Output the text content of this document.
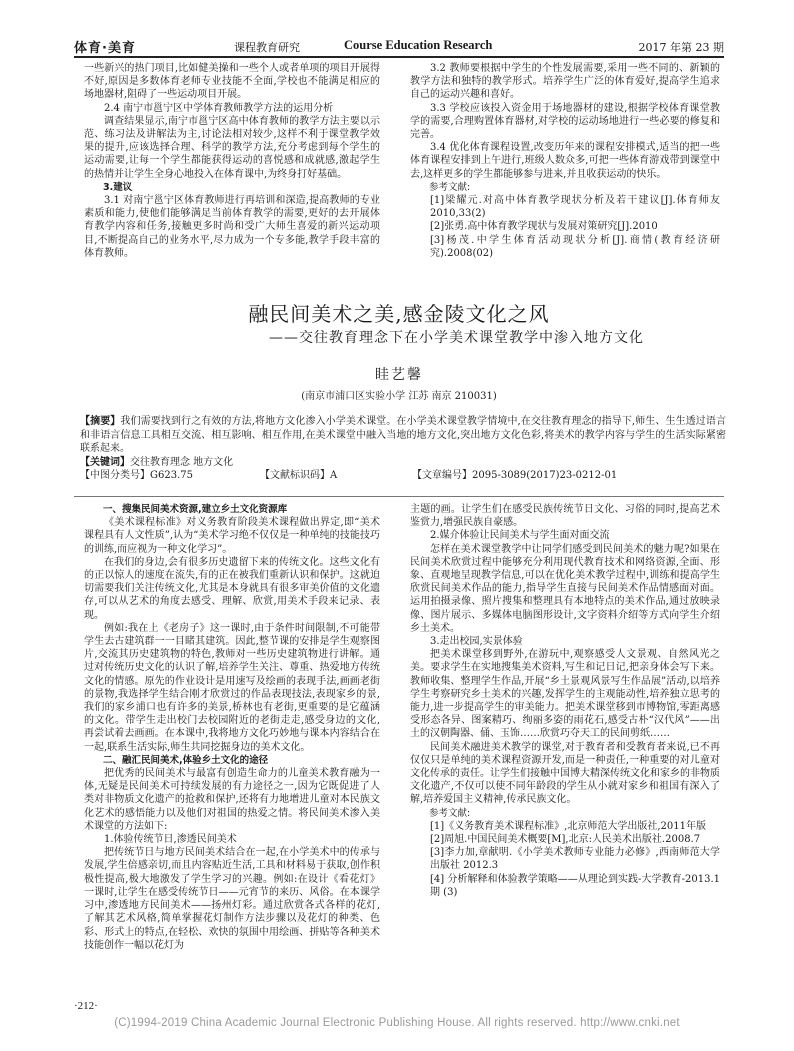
体育·美育	课程教育研究	Course Education Research	2017 年第 23 期

一些新兴的热门项目,比如健美操和一些个人或者单项的项目开展得不好,原因是多数体育老师专业技能不全面,学校也不能满足相应的场地器材,阻碍了一些运动项目开展。

2.4 南宁市邕宁区中学体育教师教学方法的运用分析

调查结果显示,南宁市邕宁区高中体育教师的教学方法主要以示范、练习法及讲解法为主,讨论法相对较少,这样不利于课堂教学效果的提升,应该选择合理、科学的教学方法,充分考虑到每个学生的运动需要,让每一个学生都能获得运动的喜悦感和成就感,激起学生的热情并让学生全身心地投入在体育课中,为终身打好基础。

3.建议

3.1 对南宁邕宁区体育教师进行再培训和深造,提高教师的专业素质和能力,使他们能够满足当前体育教学的需要,更好的去开展体育教学内容和任务,接触更多时尚和受广大师生喜爱的新兴运动项目,不断提高自己的业务水平,尽力成为一个专多能,教学手段丰富的体育教师。

3.2 教师要根据中学生的个性发展需要,采用一些不同的、新颖的教学方法和独特的教学形式。培养学生广泛的体育爱好,提高学生追求自己的运动兴趣和喜好。

3.3 学校应该投入资金用于场地器材的建设,根据学校体育课堂教学的需要,合理购置体育器材,对学校的运动场地进行一些必要的修复和完善。

3.4 优化体育课程设置,改变历年来的课程安排模式,适当的把一些体育课程安排到上午进行,班级人数众多,可把一些体育游戏带到课堂中去,这样更多的学生都能够参与进来,并且收获运动的快乐。

参考文献:

[1]梁耀元.对高中体育教学现状分析及若干建议[J].体育师友 2010,33(2)

[2]张勇.高中体育教学现状与发展对策研究[J].2010

[3]杨茂.中学生体育活动现状分析[J].商情(教育经济研究).2008(02)

融民间美术之美,感金陵文化之风
——交往教育理念下在小学美术课堂教学中渗入地方文化
眭艺馨
(南京市浦口区实验小学 江苏 南京 210031)

【摘要】我们需要找到行之有效的方法,将地方文化渗入小学美术课堂。在小学美术课堂教学情境中,在交往教育理念的指导下,师生、生生透过语言和非语言信息工具相互交流、相互影响、相互作用,在美术课堂中融入当地的地方文化,突出地方文化色彩,将美术的教学内容与学生的生活实际紧密联系起来。

【关键词】交往教育理念 地方文化

【中图分类号】G623.75	【文献标识码】A	【文章编号】2095-3089(2017)23-0212-01

一、搜集民间美术资源,建立乡土文化资源库

《美术课程标准》对义务教育阶段美术课程做出界定,即“美术课程具有人文性质”,认为“美术学习绝不仅仅是一种单纯的技能技巧的训练,而应视为一种文化学习”。

在我们的身边,会有很多历史遗留下来的传统文化。这些文化有的正以惊人的速度在流失,有的正在被我们重新认识和保护。这就迫切需要我们关注传统文化,尤其是本身就具有很多审美价值的文化遗存,可以从艺术的角度去感受、理解、欣赏,用美术手段来记录、表现。

例如:我在上《老房子》这一课时,由于条件时间限制,不可能带学生去古建筑群一一目睹其建筑。因此,整节课的安排是学生观察图片,交流其历史建筑物的特色,教师对一些历史建筑物进行讲解。通过对传统历史文化的认识了解,培养学生关注、尊重、热爱地方传统文化的情感。原先的作业设计是用速写及绘画的表现手法,画画老街的景物,我选择学生结合刚才欣赏过的作品表现技法,表现家乡的景,我们的家乡浦口也有许多的美景,桥林也有老街,更重要的是它蕴涵的文化。带学生走出校门去校园附近的老街走走,感受身边的文化,再尝试着去画画。在本课中,我将地方文化巧妙地与课本内容结合在一起,联系生活实际,师生共同挖掘身边的美术文化。

二、融汇民间美术,体验乡土文化的途径

把优秀的民间美术与最富有创造生命力的儿童美术教育融为一体,无疑是民间美术可持续发展的有力途径之一,因为它既促进了人类对非物质文化遗产的抢救和保护,还将有力地增进儿童对本民族文化艺术的感悟能力以及他们对祖国的热爱之情。将民间美术渗入美术课堂的方法如下:

1.体验传统节日,渗透民间美术

把传统节日与地方民间美术结合在一起,在小学美术中的传承与发展,学生倍感亲切,而且内容贴近生活,工具和材料易于获取,创作积极性提高,极大地激发了学生学习的兴趣。例如:在设计《看花灯》一课时,让学生在感受传统节日——元宵节的来历、风俗。在本课学习中,渗透地方民间美术——扬州灯彩。通过欣赏各式各样的花灯,了解其艺术风格,简单掌握花灯制作方法步骤以及花灯的种类、色彩、形式上的特点,在轻松、欢快的氛围中用绘画、拼贴等各种美术技能创作一幅以花灯为

主题的画。让学生们在感受民族传统节日文化、习俗的同时,提高艺术鉴赏力,增强民族自豪感。

2.媒介体验让民间美术与学生面对面交流

怎样在美术课堂教学中让同学们感受到民间美术的魅力呢?如果在民间美术欣赏过程中能够充分利用现代教育技术和网络资源,全面、形象、直观地呈现教学信息,可以在优化美术教学过程中,训练和提高学生欣赏民间美术作品的能力,指导学生直接与民间美术作品情感面对面。运用拍摄录像、照片搜集和整理具有本地特点的美术作品,通过放映录像、图片展示、多媒体电脑图形设计,文字资料介绍等方式向学生介绍乡土美术。

3.走出校园,实景体验

把美术课堂移到野外,在游玩中,观察感受人文景观、自然风光之美。要求学生在实地搜集美术资料,写生和记日记,把亲身体会写下来。教师收集、整理学生作品,开展“乡土景观风景写生作品展”活动,以培养学生考察研究乡土美术的兴趣,发挥学生的主观能动性,培养独立思考的能力,进一步提高学生的审美能力。把美术课堂移到市博物馆,零距离感受形态各异、图案精巧、绚丽多姿的雨花石,感受古朴“汉代风”——出土的汉朝陶器、俑、玉饰……欣赏巧夺天工的民间剪纸……

民间美术融进美术教学的课堂,对于教育者和受教育者来说,已不再仅仅只是单纯的美术课程资源开发,而是一种责任,一种重要的对儿童对文化传承的责任。让学生们接触中国博大精深传统文化和家乡的非物质文化遗产,不仅可以使不同年龄段的学生从小就对家乡和祖国有深入了解,培养爱国主义精神,传承民族文化。

参考文献:

[1]《义务教育美术课程标准》,北京师范大学出版社,2011年版

[2]周旭.中国民间美术概要[M],北京:人民美术出版社.2008.7

[3]李力加,章献明.《小学美术教师专业能力必修》,西南师范大学出版社 2012.3

[4] 分析解释和体验教学策略——从理论到实践-大学教育-2013.1期 (3)

·212·
(C)1994-2019 China Academic Journal Electronic Publishing House. All rights reserved. http://www.cnki.net
